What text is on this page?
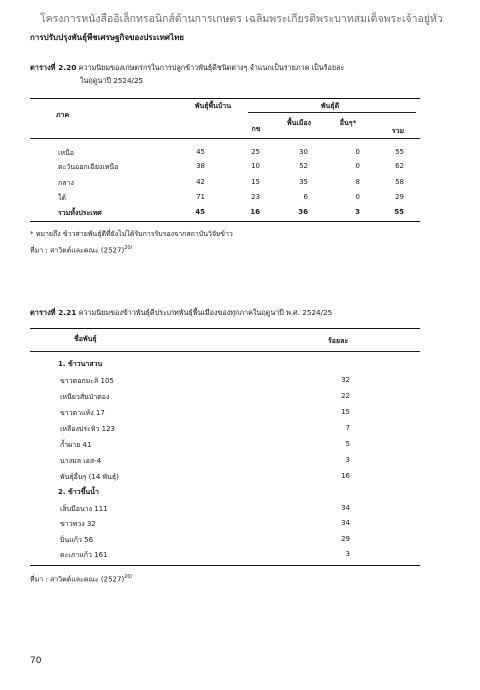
โครงการหนังสืออิเล็กทรอนิกส์ด้านการเกษตร เฉลิมพระเกียรติพระบาทสมเด็จพระเจ้าอยู่หัว
การปรับปรุงพันธุ์พืชเศรษฐกิจของประเทศไทย
ตารางที่ 2.20 ความนิยมของเกษตรกรในการปลูกข้าวพันธุ์ดีชนิดต่างๆ จำแนกเป็นรายภาค เป็นร้อยละ
ในฤดูนาปี 2524/25
ภาค
พันธุ์พื้นบ้าน	พันธุ์ดี
กข
พื้นเมือง	อื่นๆ*
รวม
เหนือ	45	25	30	0	55
ตะวันออกเฉียงเหนือ	38	10	52	0	62
กลาง	42	15	35	8	58
ใต้	71	23	6	0	29
รวมทั้งประเทศ	45	16	36	3	55
* หมายถึง ข้าวสายพันธุ์ดีที่ยังไม่ได้รับการรับรองจากสถาบันวิจัยข้าว
ที่มา : สาวิตต์และคณะ $(2527)^{20/}$
ตารางที่ 2.21 ความนิยมของข้าวพันธุ์ดีประเภทพันธุ์พื้นเมืองของทุกภาคในฤดูนาปี พ.ศ. 2524/25
ชื่อพันธุ์	ร้อยละ
1. ข้าวนาสวน
ขาวดอกมะลิ 105	32
เหนียวสันป่าตอง	22
ขาวตาแห้ง 17	15
เหลืองประทิว 123	7
ก้ำผาย 41	5
นางมล เอส-4	3
พันธุ์อื่นๆ (14 พันธุ์)	16
2. ข้าวขึ้นน้ำ
เล็บมือนาง 111	34
ขาวพวง 32	34
ปิ่นแก้ว 56	29
ตะเภาแก้ว 161	3
ที่มา : สาวิตต์และคณะ $(2527)^{20/}$
70
